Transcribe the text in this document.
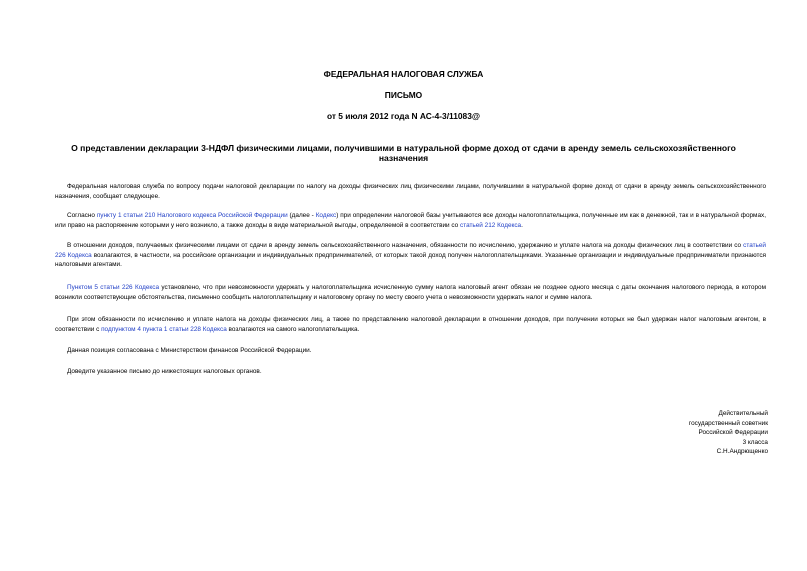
ФЕДЕРАЛЬНАЯ НАЛОГОВАЯ СЛУЖБА
ПИСЬМО
от 5 июля 2012 года N АС-4-3/11083@
О представлении декларации 3-НДФЛ физическими лицами, получившими в натуральной форме доход от сдачи в аренду земель сельскохозяйственного назначения
Федеральная налоговая служба по вопросу подачи налоговой декларации по налогу на доходы физических лиц физическими лицами, получившими в натуральной форме доход от сдачи в аренду земель сельскохозяйственного назначения, сообщает следующее.
Согласно пункту 1 статьи 210 Налогового кодекса Российской Федерации (далее - Кодекс) при определении налоговой базы учитываются все доходы налогоплательщика, полученные им как в денежной, так и в натуральной формах, или право на распоряжение которыми у него возникло, а также доходы в виде материальной выгоды, определяемой в соответствии со статьей 212 Кодекса.
В отношении доходов, получаемых физическими лицами от сдачи в аренду земель сельскохозяйственного назначения, обязанности по исчислению, удержанию и уплате налога на доходы физических лиц в соответствии со статьей 226 Кодекса возлагаются, в частности, на российские организации и индивидуальных предпринимателей, от которых такой доход получен налогоплательщиками. Указанные организации и индивидуальные предприниматели признаются налоговыми агентами.
Пунктом 5 статьи 226 Кодекса установлено, что при невозможности удержать у налогоплательщика исчисленную сумму налога налоговый агент обязан не позднее одного месяца с даты окончания налогового периода, в котором возникли соответствующие обстоятельства, письменно сообщить налогоплательщику и налоговому органу по месту своего учета о невозможности удержать налог и сумме налога.
При этом обязанности по исчислению и уплате налога на доходы физических лиц, а также по представлению налоговой декларации в отношении доходов, при получении которых не был удержан налог налоговым агентом, в соответствии с подпунктом 4 пункта 1 статьи 228 Кодекса возлагаются на самого налогоплательщика.
Данная позиция согласована с Министерством финансов Российской Федерации.
Доведите указанное письмо до нижестоящих налоговых органов.
Действительный
государственный советник
Российской Федерации
3 класса
С.Н.Андрющенко
